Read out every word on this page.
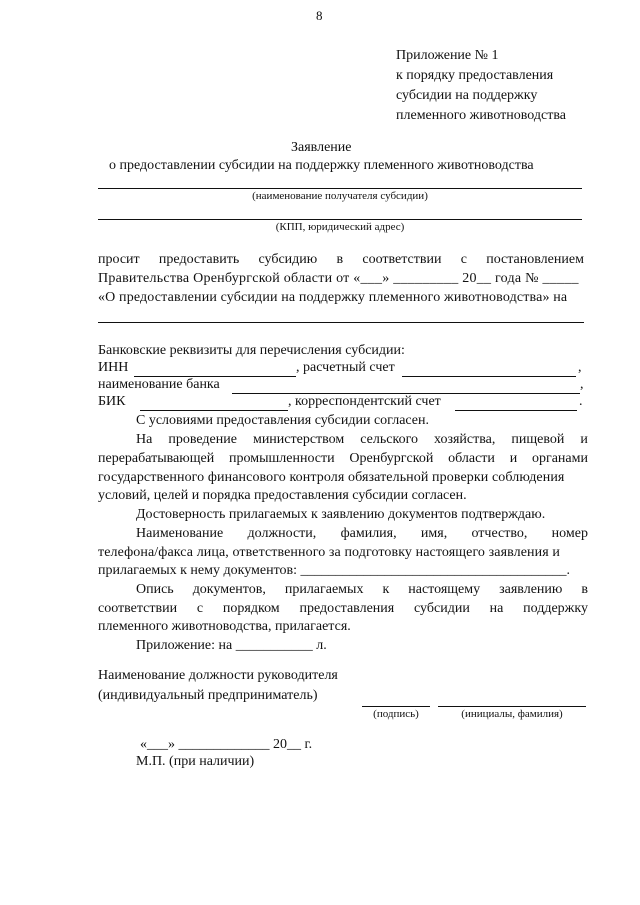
8
Приложение № 1
к порядку предоставления
субсидии на поддержку
племенного животноводства
Заявление
о предоставлении субсидии на поддержку племенного животноводства
(наименование получателя субсидии)
(КПП, юридический адрес)
просит предоставить субсидию в соответствии с постановлением
Правительства Оренбургской области от «___» _________ 20__ года № _____
«О предоставлении субсидии на поддержку племенного животноводства» на
Банковские реквизиты для перечисления субсидии:
ИНН	, расчетный счет	,
наименование банка	,
БИК	, корреспондентский счет	.
С условиями предоставления субсидии согласен.
На проведение министерством сельского хозяйства, пищевой и
перерабатывающей промышленности Оренбургской области и органами
государственного финансового контроля обязательной проверки соблюдения
условий, целей и порядка предоставления субсидии согласен.
Достоверность прилагаемых к заявлению документов подтверждаю.
Наименование должности, фамилия, имя, отчество, номер
телефона/факса лица, ответственного за подготовку настоящего заявления и
прилагаемых к нему документов: ______________________________________.
Опись документов, прилагаемых к настоящему заявлению в
соответствии с порядком предоставления субсидии на поддержку
племенного животноводства, прилагается.
Приложение: на ___________ л.
Наименование должности руководителя
(индивидуальный предприниматель)
(подпись)	(инициалы, фамилия)
«___» _____________ 20__ г.
М.П. (при наличии)
